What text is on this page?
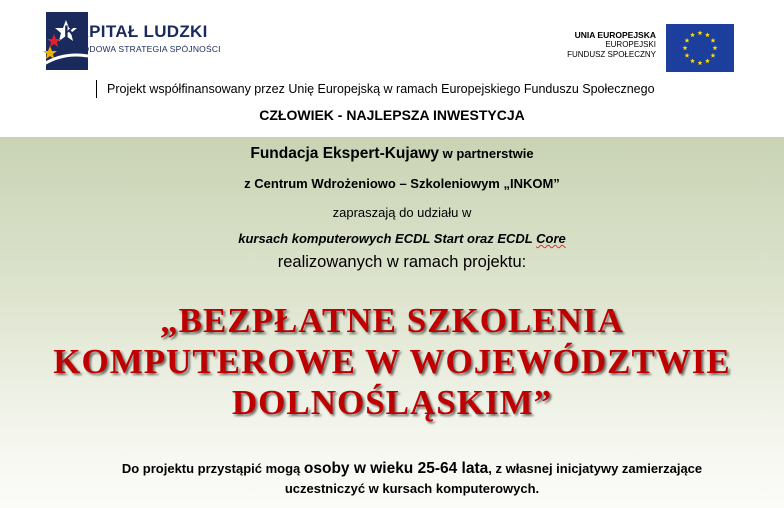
KAPITAŁ LUDZKI
NARODOWA STRATEGIA SPÓJNOŚCI
UNIA EUROPEJSKA
EUROPEJSKI
FUNDUSZ SPOŁECZNY
Projekt współfinansowany przez Unię Europejską w ramach Europejskiego Funduszu Społecznego
CZŁOWIEK - NAJLEPSZA INWESTYCJA
Fundacja Ekspert-Kujawy w partnerstwie
z Centrum Wdrożeniowo – Szkoleniowym „INKOM”
zapraszają do udziału w
kursach komputerowych ECDL Start oraz ECDL Core
realizowanych w ramach projektu:
„BEZPŁATNE SZKOLENIA
KOMPUTEROWE W WOJEWÓDZTWIE
DOLNOŚLĄSKIM”
Do projektu przystąpić mogą osoby w wieku 25-64 lata, z własnej inicjatywy zamierzające
uczestniczyć w kursach komputerowych.
